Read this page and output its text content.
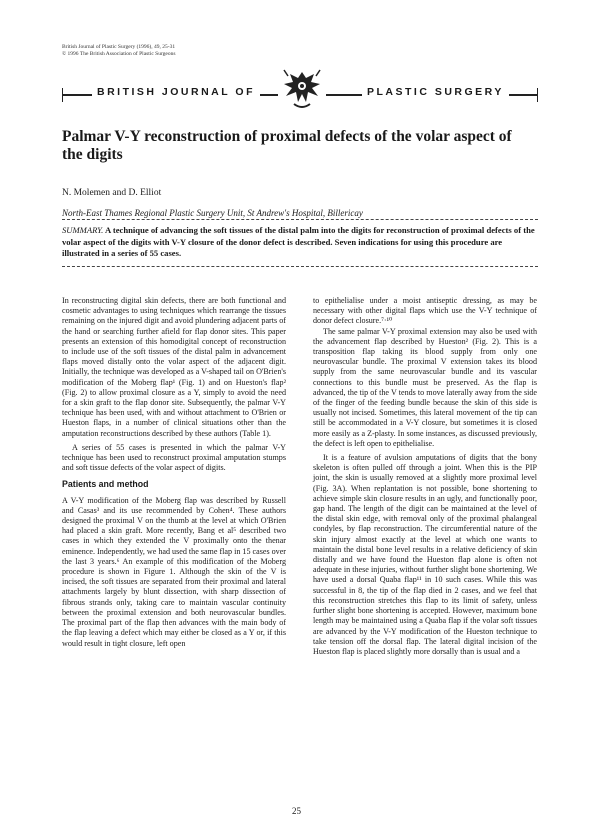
British Journal of Plastic Surgery (1996), 49, 25-31
© 1996 The British Association of Plastic Surgeons
BRITISH JOURNAL OF	PLASTIC SURGERY
Palmar V-Y reconstruction of proximal defects of the volar aspect of the digits
N. Molemen and D. Elliot
North-East Thames Regional Plastic Surgery Unit, St Andrew's Hospital, Billericay
SUMMARY. A technique of advancing the soft tissues of the distal palm into the digits for reconstruction of proximal defects of the volar aspect of the digits with V-Y closure of the donor defect is described. Seven indications for using this procedure are illustrated in a series of 55 cases.

In reconstructing digital skin defects, there are both functional and cosmetic advantages to using techniques which rearrange the tissues remaining on the injured digit and avoid plundering adjacent parts of the hand or searching further afield for flap donor sites. This paper presents an extension of this homodigital concept of reconstruction to include use of the soft tissues of the distal palm in advancement flaps moved distally onto the volar aspect of the adjacent digit. Initially, the technique was developed as a V-shaped tail on O'Brien's modification of the Moberg flap¹ (Fig. 1) and on Hueston's flap² (Fig. 2) to allow proximal closure as a Y, simply to avoid the need for a skin graft to the flap donor site. Subsequently, the palmar V-Y technique has been used, with and without attachment to O'Brien or Hueston flaps, in a number of clinical situations other than the amputation reconstructions described by these authors (Table 1).

A series of 55 cases is presented in which the palmar V-Y technique has been used to reconstruct proximal amputation stumps and soft tissue defects of the volar aspect of digits.

Patients and method

A V-Y modification of the Moberg flap was described by Russell and Casas³ and its use recommended by Cohen⁴. These authors designed the proximal V on the thumb at the level at which O'Brien had placed a skin graft. More recently, Bang et al⁵ described two cases in which they extended the V proximally onto the thenar eminence. Independently, we had used the same flap in 15 cases over the last 3 years.⁶ An example of this modification of the Moberg procedure is shown in Figure 1. Although the skin of the V is incised, the soft tissues are separated from their proximal and lateral attachments largely by blunt dissection, with sharp dissection of fibrous strands only, taking care to maintain vascular continuity between the proximal extension and both neurovascular bundles. The proximal part of the flap then advances with the main body of the flap leaving a defect which may either be closed as a Y or, if this would result in tight closure, left open

to epithelialise under a moist antiseptic dressing, as may be necessary with other digital flaps which use the V-Y technique of donor defect closure.⁷·¹⁰

The same palmar V-Y proximal extension may also be used with the advancement flap described by Hueston² (Fig. 2). This is a transposition flap taking its blood supply from only one neurovascular bundle. The proximal V extension takes its blood supply from the same neurovascular bundle and its vascular connections to this bundle must be preserved. As the flap is advanced, the tip of the V tends to move laterally away from the side of the finger of the feeding bundle because the skin of this side is usually not incised. Sometimes, this lateral movement of the tip can still be accommodated in a V-Y closure, but sometimes it is closed more easily as a Z-plasty. In some instances, as discussed previously, the defect is left open to epithelialise.

It is a feature of avulsion amputations of digits that the bony skeleton is often pulled off through a joint. When this is the PIP joint, the skin is usually removed at a slightly more proximal level (Fig. 3A). When replantation is not possible, bone shortening to achieve simple skin closure results in an ugly, and functionally poor, gap hand. The length of the digit can be maintained at the level of the distal skin edge, with removal only of the proximal phalangeal condyles, by flap reconstruction. The circumferential nature of the skin injury almost exactly at the level at which one wants to maintain the distal bone level results in a relative deficiency of skin distally and we have found the Hueston flap alone is often not adequate in these injuries, without further slight bone shortening. We have used a dorsal Quaba flap¹¹ in 10 such cases. While this was successful in 8, the tip of the flap died in 2 cases, and we feel that this reconstruction stretches this flap to its limit of safety, unless further slight bone shortening is accepted. However, maximum bone length may be maintained using a Quaba flap if the volar soft tissues are advanced by the V-Y modification of the Hueston technique to take tension off the dorsal flap. The lateral digital incision of the Hueston flap is placed slightly more dorsally than is usual and a

25
